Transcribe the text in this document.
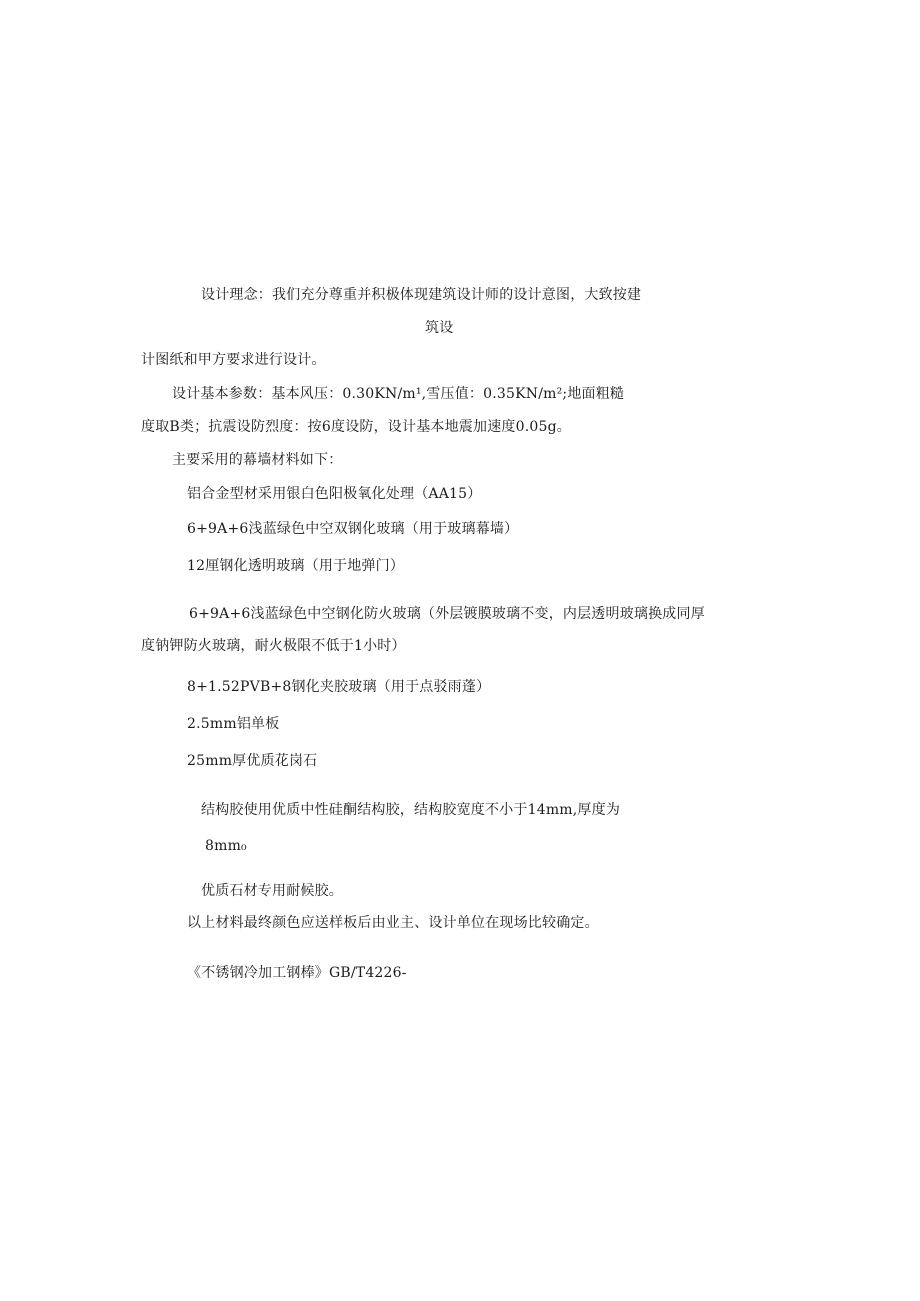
设计理念：我们充分尊重并积极体现建筑设计师的设计意图，大致按建
筑设
计图纸和甲方要求进行设计。
设计基本参数：基本风压：0.30KN/m¹,雪压值：0.35KN/m²;地面粗糙
度取B类；抗震设防烈度：按6度设防，设计基本地震加速度0.05g。
主要采用的幕墙材料如下：
铝合金型材采用银白色阳极氧化处理（AA15）
6+9A+6浅蓝绿色中空双钢化玻璃（用于玻璃幕墙）
12厘钢化透明玻璃（用于地弹门）
6+9A+6浅蓝绿色中空钢化防火玻璃（外层镀膜玻璃不变，内层透明玻璃换成同厚
度钠钾防火玻璃，耐火极限不低于1小时）
8+1.52PVB+8钢化夹胶玻璃（用于点驳雨蓬）
2.5mm铝单板
25mm厚优质花岗石
结构胶使用优质中性硅酮结构胶，结构胶宽度不小于14mm,厚度为
8mm₀
优质石材专用耐候胶。
以上材料最终颜色应送样板后由业主、设计单位在现场比较确定。
《不锈钢冷加工钢棒》GB/T4226-
